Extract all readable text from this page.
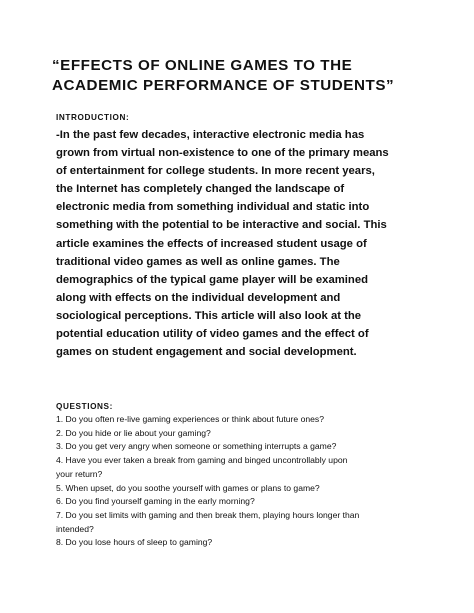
“EFFECTS OF ONLINE GAMES TO THE
ACADEMIC PERFORMANCE OF STUDENTS”
INTRODUCTION:
-In the past few decades, interactive electronic media has
grown from virtual non-existence to one of the primary means
of entertainment for college students. In more recent years,
the Internet has completely changed the landscape of
electronic media from something individual and static into
something with the potential to be interactive and social. This
article examines the effects of increased student usage of
traditional video games as well as online games. The
demographics of the typical game player will be examined
along with effects on the individual development and
sociological perceptions. This article will also look at the
potential education utility of video games and the effect of
games on student engagement and social development.
QUESTIONS:
1. Do you often re-live gaming experiences or think about future ones?
2. Do you hide or lie about your gaming?
3. Do you get very angry when someone or something interrupts a game?
4. Have you ever taken a break from gaming and binged uncontrollably upon
your return?
5. When upset, do you soothe yourself with games or plans to game?
6. Do you find yourself gaming in the early morning?
7. Do you set limits with gaming and then break them, playing hours longer than
intended?
8. Do you lose hours of sleep to gaming?
